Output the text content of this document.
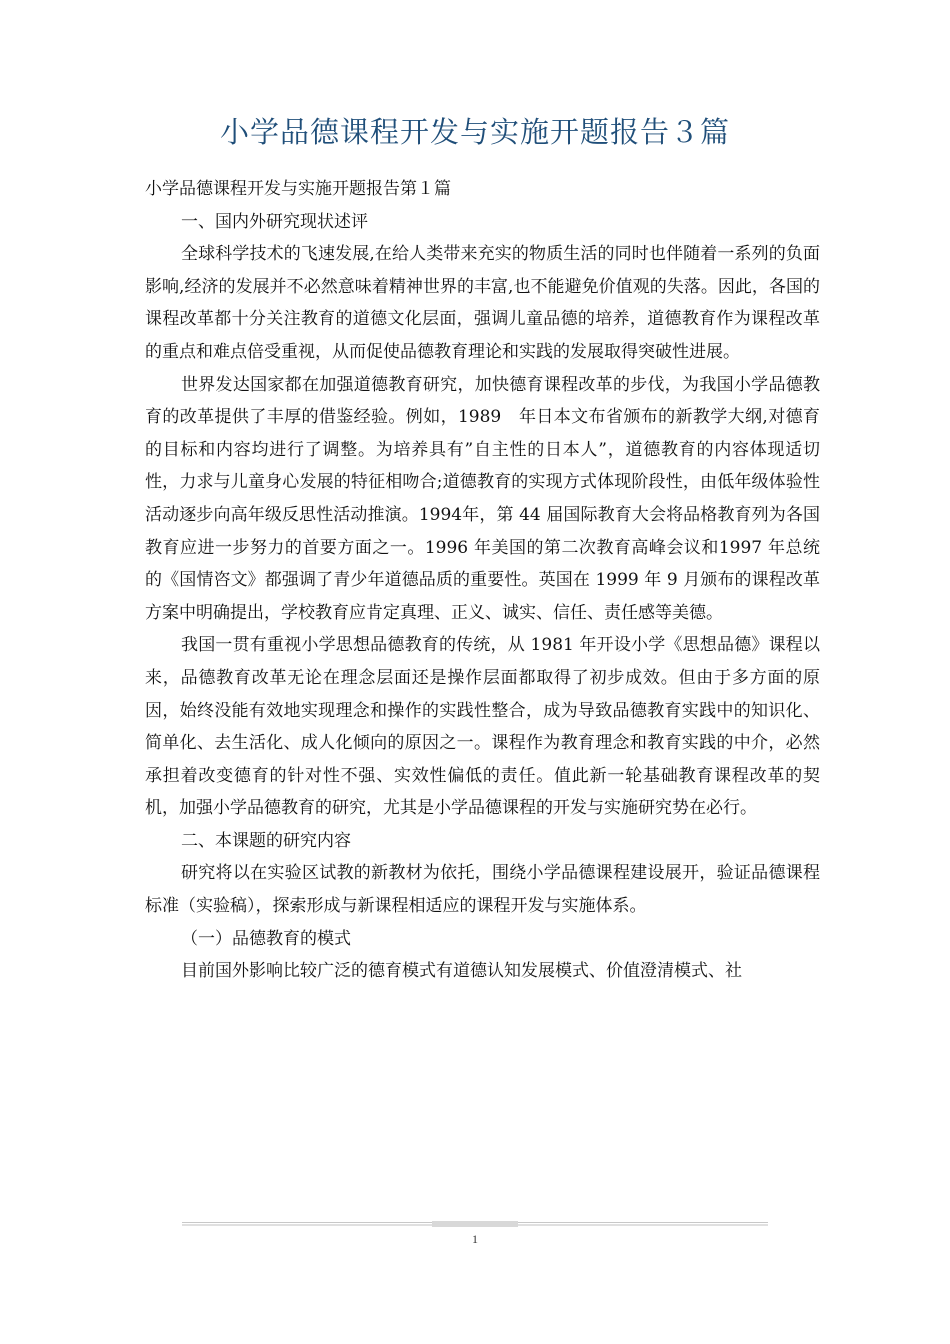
小学品德课程开发与实施开题报告３篇

小学品德课程开发与实施开题报告第１篇

一、国内外研究现状述评

全球科学技术的飞速发展,在给人类带来充实的物质生活的同时也伴随着一系列的负面影响,经济的发展并不必然意味着精神世界的丰富,也不能避免价值观的失落。因此，各国的课程改革都十分关注教育的道德文化层面，强调儿童品德的培养，道德教育作为课程改革的重点和难点倍受重视，从而促使品德教育理论和实践的发展取得突破性进展。

世界发达国家都在加强道德教育研究，加快德育课程改革的步伐，为我国小学品德教育的改革提供了丰厚的借鉴经验。例如，1989　年日本文布省颁布的新教学大纲,对德育的目标和内容均进行了调整。为培养具有”自主性的日本人”，道德教育的内容体现适切性，力求与儿童身心发展的特征相吻合;道德教育的实现方式体现阶段性，由低年级体验性活动逐步向高年级反思性活动推演。1994年，第 44 届国际教育大会将品格教育列为各国教育应进一步努力的首要方面之一。1996 年美国的第二次教育高峰会议和1997 年总统的《国情咨文》都强调了青少年道德品质的重要性。英国在 1999 年 9 月颁布的课程改革方案中明确提出，学校教育应肯定真理、正义、诚实、信任、责任感等美德。

我国一贯有重视小学思想品德教育的传统，从 1981 年开设小学《思想品德》课程以来，品德教育改革无论在理念层面还是操作层面都取得了初步成效。但由于多方面的原因，始终没能有效地实现理念和操作的实践性整合，成为导致品德教育实践中的知识化、简单化、去生活化、成人化倾向的原因之一。课程作为教育理念和教育实践的中介，必然承担着改变德育的针对性不强、实效性偏低的责任。值此新一轮基础教育课程改革的契机，加强小学品德教育的研究，尤其是小学品德课程的开发与实施研究势在必行。

二、本课题的研究内容

研究将以在实验区试教的新教材为依托，围绕小学品德课程建设展开，验证品德课程标准（实验稿），探索形成与新课程相适应的课程开发与实施体系。

（一）品德教育的模式

目前国外影响比较广泛的德育模式有道德认知发展模式、价值澄清模式、社

1
